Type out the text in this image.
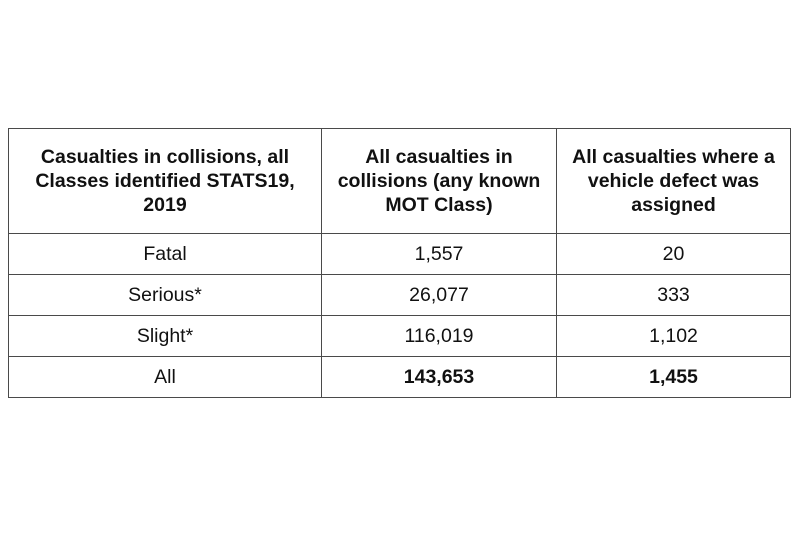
Casualties in collisions, all Classes identified STATS19, 2019	All casualties in collisions (any known MOT Class)	All casualties where a vehicle defect was assigned
Fatal	1,557	20
Serious*	26,077	333
Slight*	116,019	1,102
All	143,653	1,455
